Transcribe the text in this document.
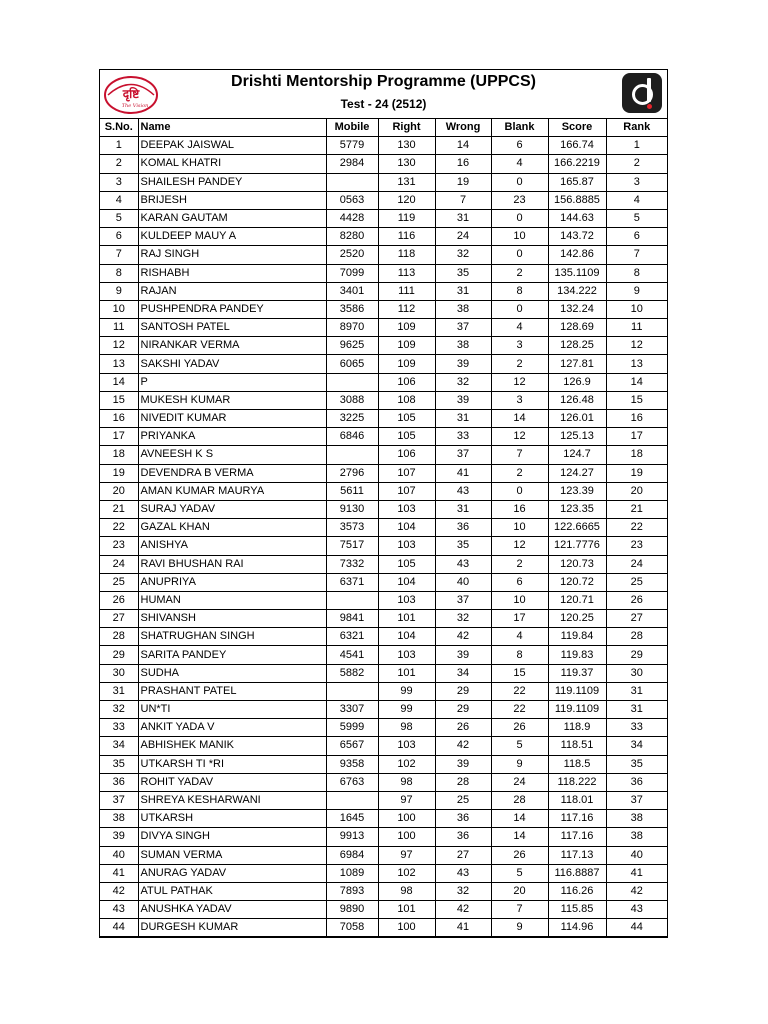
दृष्टि
The Vision
Drishti Mentorship Programme (UPPCS)
Test - 24 (2512)
S.No.	Name	Mobile	Right	Wrong	Blank	Score	Rank
1	DEEPAK JAISWAL	5779	130	14	6	166.74	1
2	KOMAL KHATRI	2984	130	16	4	166.2219	2
3	SHAILESH PANDEY		131	19	0	165.87	3
4	BRIJESH	0563	120	7	23	156.8885	4
5	KARAN GAUTAM	4428	119	31	0	144.63	5
6	KULDEEP MAUY A	8280	116	24	10	143.72	6
7	RAJ SINGH	2520	118	32	0	142.86	7
8	RISHABH	7099	113	35	2	135.1109	8
9	RAJAN	3401	111	31	8	134.222	9
10	PUSHPENDRA PANDEY	3586	112	38	0	132.24	10
11	SANTOSH PATEL	8970	109	37	4	128.69	11
12	NIRANKAR VERMA	9625	109	38	3	128.25	12
13	SAKSHI YADAV	6065	109	39	2	127.81	13
14	P		106	32	12	126.9	14
15	MUKESH KUMAR	3088	108	39	3	126.48	15
16	NIVEDIT KUMAR	3225	105	31	14	126.01	16
17	PRIYANKA	6846	105	33	12	125.13	17
18	AVNEESH K S		106	37	7	124.7	18
19	DEVENDRA B VERMA	2796	107	41	2	124.27	19
20	AMAN KUMAR MAURYA	5611	107	43	0	123.39	20
21	SURAJ YADAV	9130	103	31	16	123.35	21
22	GAZAL KHAN	3573	104	36	10	122.6665	22
23	ANISHYA	7517	103	35	12	121.7776	23
24	RAVI BHUSHAN RAI	7332	105	43	2	120.73	24
25	ANUPRIYA	6371	104	40	6	120.72	25
26	HUMAN		103	37	10	120.71	26
27	SHIVANSH	9841	101	32	17	120.25	27
28	SHATRUGHAN SINGH	6321	104	42	4	119.84	28
29	SARITA PANDEY	4541	103	39	8	119.83	29
30	SUDHA	5882	101	34	15	119.37	30
31	PRASHANT PATEL		99	29	22	119.1109	31
32	UN*TI	3307	99	29	22	119.1109	31
33	ANKIT YADA V	5999	98	26	26	118.9	33
34	ABHISHEK MANIK	6567	103	42	5	118.51	34
35	UTKARSH TI *RI	9358	102	39	9	118.5	35
36	ROHIT YADAV	6763	98	28	24	118.222	36
37	SHREYA KESHARWANI		97	25	28	118.01	37
38	UTKARSH	1645	100	36	14	117.16	38
39	DIVYA SINGH	9913	100	36	14	117.16	38
40	SUMAN VERMA	6984	97	27	26	117.13	40
41	ANURAG YADAV	1089	102	43	5	116.8887	41
42	ATUL PATHAK	7893	98	32	20	116.26	42
43	ANUSHKA YADAV	9890	101	42	7	115.85	43
44	DURGESH KUMAR	7058	100	41	9	114.96	44
